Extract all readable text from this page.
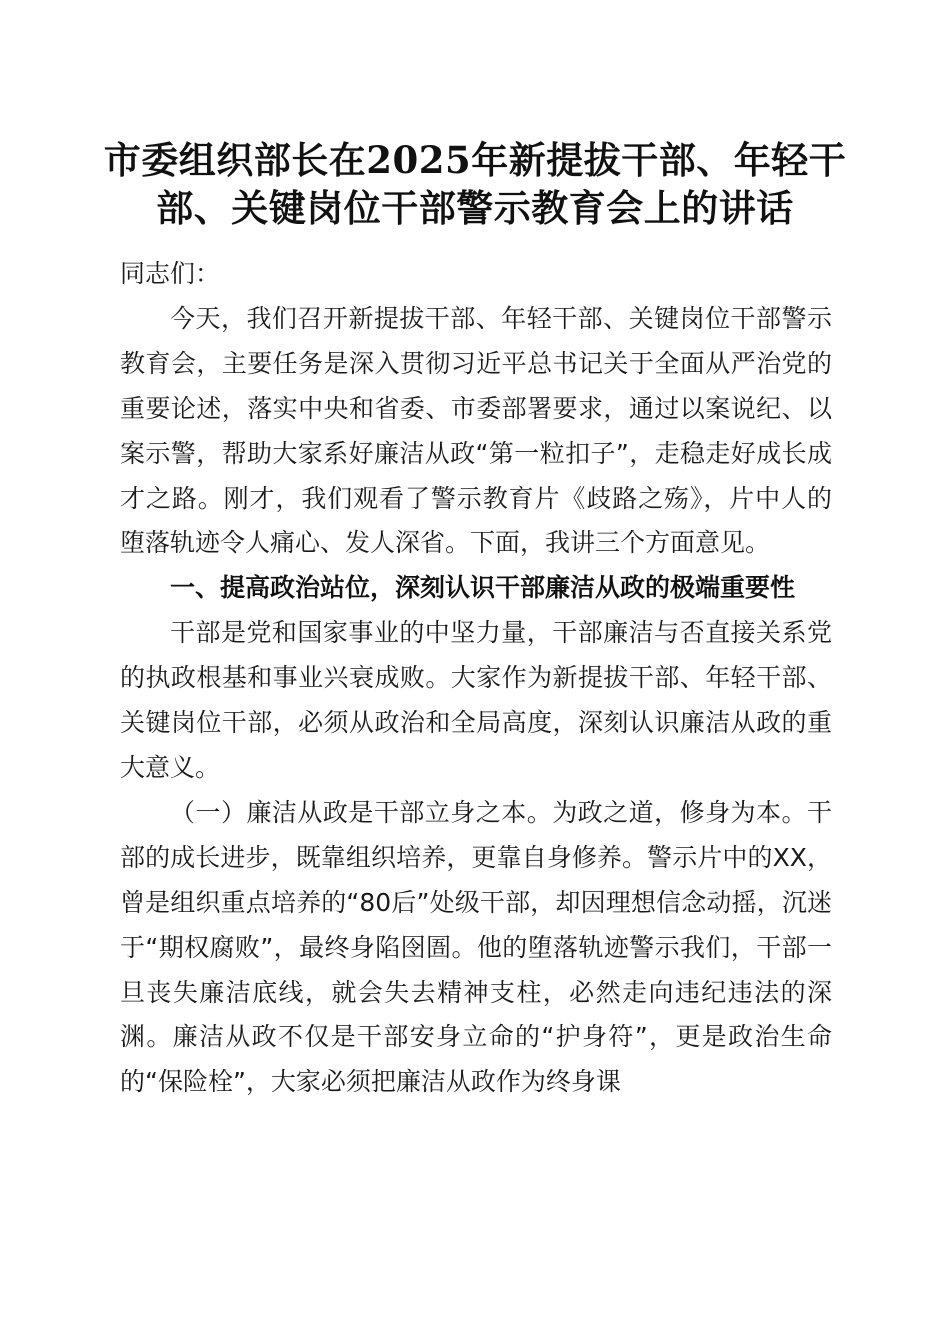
市委组织部长在2025年新提拔干部、年轻干部、关键岗位干部警示教育会上的讲话

同志们：

今天，我们召开新提拔干部、年轻干部、关键岗位干部警示教育会，主要任务是深入贯彻习近平总书记关于全面从严治党的重要论述，落实中央和省委、市委部署要求，通过以案说纪、以案示警，帮助大家系好廉洁从政“第一粒扣子”，走稳走好成长成才之路。刚才，我们观看了警示教育片《歧路之殇》，片中人的堕落轨迹令人痛心、发人深省。下面，我讲三个方面意见。

一、提高政治站位，深刻认识干部廉洁从政的极端重要性

干部是党和国家事业的中坚力量，干部廉洁与否直接关系党的执政根基和事业兴衰成败。大家作为新提拔干部、年轻干部、关键岗位干部，必须从政治和全局高度，深刻认识廉洁从政的重大意义。

（一）廉洁从政是干部立身之本。为政之道，修身为本。干部的成长进步，既靠组织培养，更靠自身修养。警示片中的XX，曾是组织重点培养的“80后”处级干部，却因理想信念动摇，沉迷于“期权腐败”，最终身陷囹圄。他的堕落轨迹警示我们，干部一旦丧失廉洁底线，就会失去精神支柱，必然走向违纪违法的深渊。廉洁从政不仅是干部安身立命的“护身符”，更是政治生命的“保险栓”，大家必须把廉洁从政作为终身课
